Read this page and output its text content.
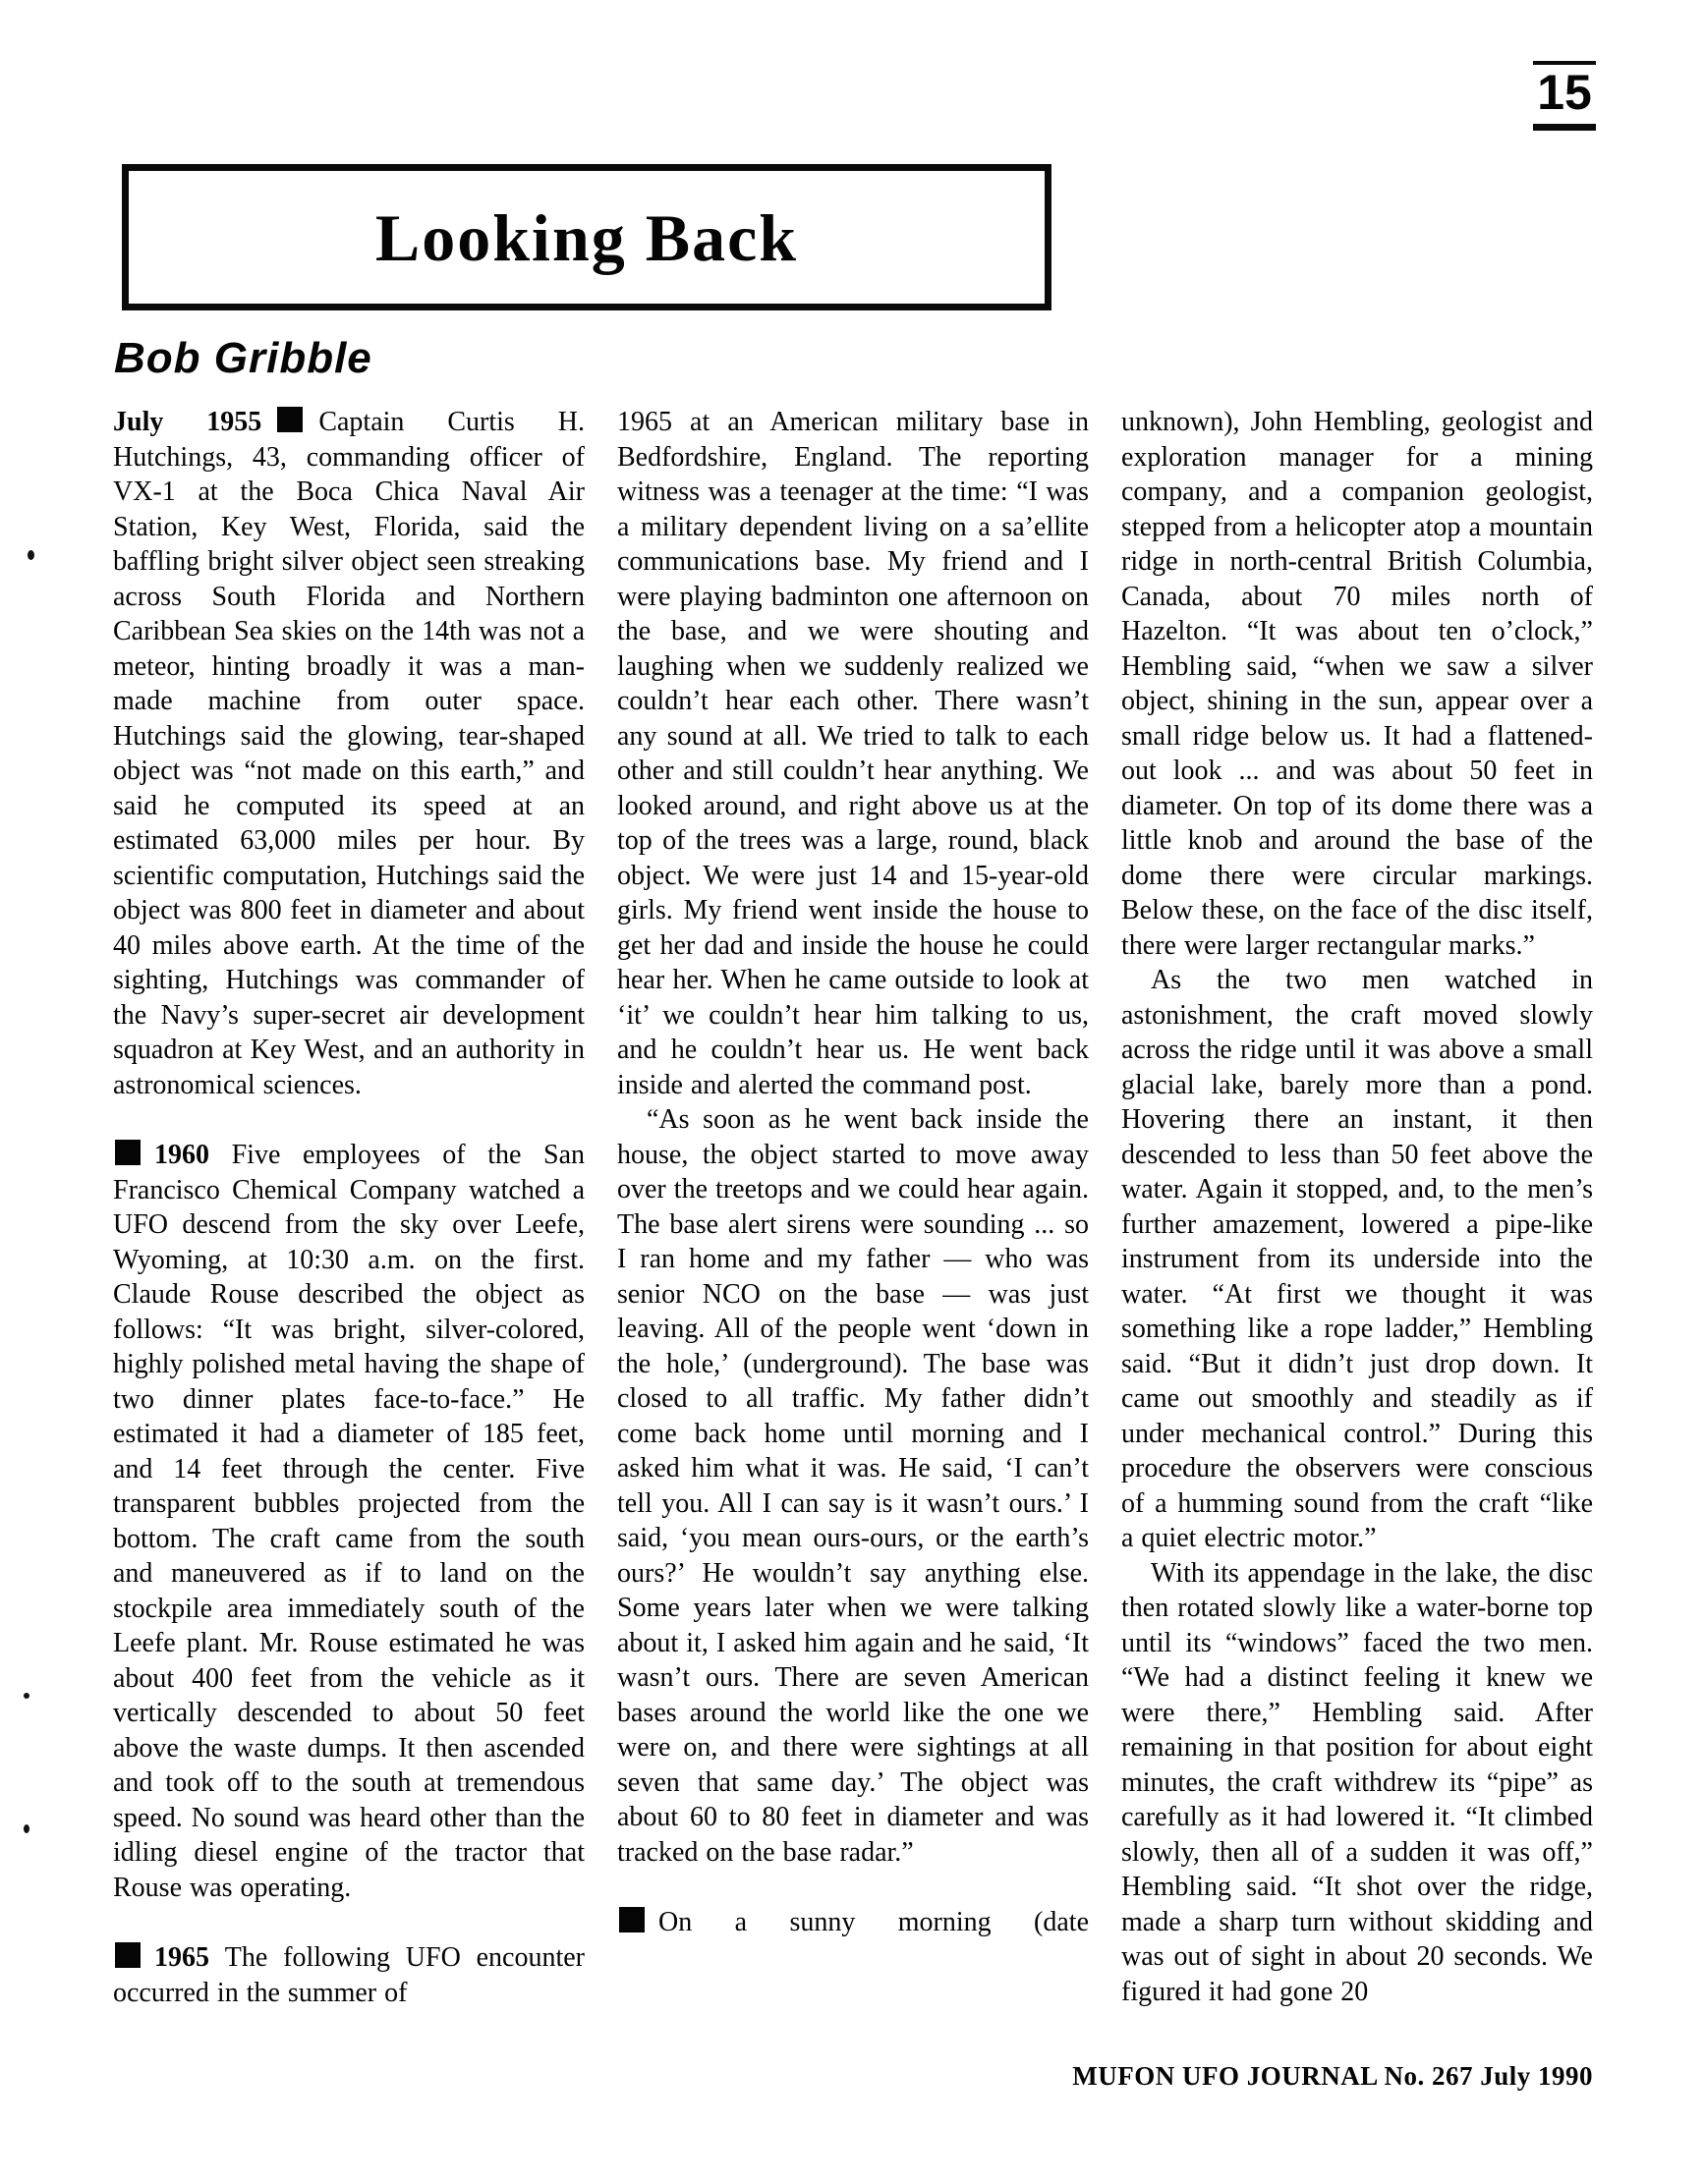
15
Looking Back
Bob Gribble

July 1955 Captain Curtis H. Hutchings, 43, commanding officer of VX-1 at the Boca Chica Naval Air Station, Key West, Florida, said the baffling bright silver object seen streaking across South Florida and Northern Caribbean Sea skies on the 14th was not a meteor, hinting broadly it was a man-made machine from outer space. Hutchings said the glowing, tear-shaped object was “not made on this earth,” and said he computed its speed at an estimated 63,000 miles per hour. By scientific computation, Hutchings said the object was 800 feet in diameter and about 40 miles above earth. At the time of the sighting, Hutchings was commander of the Navy’s super-secret air development squadron at Key West, and an authority in astronomical sciences.

1960 Five employees of the San Francisco Chemical Company watched a UFO descend from the sky over Leefe, Wyoming, at 10:30 a.m. on the first. Claude Rouse described the object as follows: “It was bright, silver-colored, highly polished metal having the shape of two dinner plates face-to-face.” He estimated it had a diameter of 185 feet, and 14 feet through the center. Five transparent bubbles projected from the bottom. The craft came from the south and maneuvered as if to land on the stockpile area immediately south of the Leefe plant. Mr. Rouse estimated he was about 400 feet from the vehicle as it vertically descended to about 50 feet above the waste dumps. It then ascended and took off to the south at tremendous speed. No sound was heard other than the idling diesel engine of the tractor that Rouse was operating.

1965 The following UFO encounter occurred in the summer of

1965 at an American military base in Bedfordshire, England. The reporting witness was a teenager at the time: “I was a military dependent living on a sa’ellite communications base. My friend and I were playing badminton one afternoon on the base, and we were shouting and laughing when we suddenly realized we couldn’t hear each other. There wasn’t any sound at all. We tried to talk to each other and still couldn’t hear anything. We looked around, and right above us at the top of the trees was a large, round, black object. We were just 14 and 15-year-old girls. My friend went inside the house to get her dad and inside the house he could hear her. When he came outside to look at ‘it’ we couldn’t hear him talking to us, and he couldn’t hear us. He went back inside and alerted the command post.

“As soon as he went back inside the house, the object started to move away over the treetops and we could hear again. The base alert sirens were sounding ... so I ran home and my father — who was senior NCO on the base — was just leaving. All of the people went ‘down in the hole,’ (underground). The base was closed to all traffic. My father didn’t come back home until morning and I asked him what it was. He said, ‘I can’t tell you. All I can say is it wasn’t ours.’ I said, ‘you mean ours-ours, or the earth’s ours?’ He wouldn’t say anything else. Some years later when we were talking about it, I asked him again and he said, ‘It wasn’t ours. There are seven American bases around the world like the one we were on, and there were sightings at all seven that same day.’ The object was about 60 to 80 feet in diameter and was tracked on the base radar.”

On a sunny morning (date

unknown), John Hembling, geologist and exploration manager for a mining company, and a companion geologist, stepped from a helicopter atop a mountain ridge in north-central British Columbia, Canada, about 70 miles north of Hazelton. “It was about ten o’clock,” Hembling said, “when we saw a silver object, shining in the sun, appear over a small ridge below us. It had a flattened-out look ... and was about 50 feet in diameter. On top of its dome there was a little knob and around the base of the dome there were circular markings. Below these, on the face of the disc itself, there were larger rectangular marks.”

As the two men watched in astonishment, the craft moved slowly across the ridge until it was above a small glacial lake, barely more than a pond. Hovering there an instant, it then descended to less than 50 feet above the water. Again it stopped, and, to the men’s further amazement, lowered a pipe-like instrument from its underside into the water. “At first we thought it was something like a rope ladder,” Hembling said. “But it didn’t just drop down. It came out smoothly and steadily as if under mechanical control.” During this procedure the observers were conscious of a humming sound from the craft “like a quiet electric motor.”

With its appendage in the lake, the disc then rotated slowly like a water-borne top until its “windows” faced the two men. “We had a distinct feeling it knew we were there,” Hembling said. After remaining in that position for about eight minutes, the craft withdrew its “pipe” as carefully as it had lowered it. “It climbed slowly, then all of a sudden it was off,” Hembling said. “It shot over the ridge, made a sharp turn without skidding and was out of sight in about 20 seconds. We figured it had gone 20

MUFON UFO JOURNAL No. 267 July 1990
